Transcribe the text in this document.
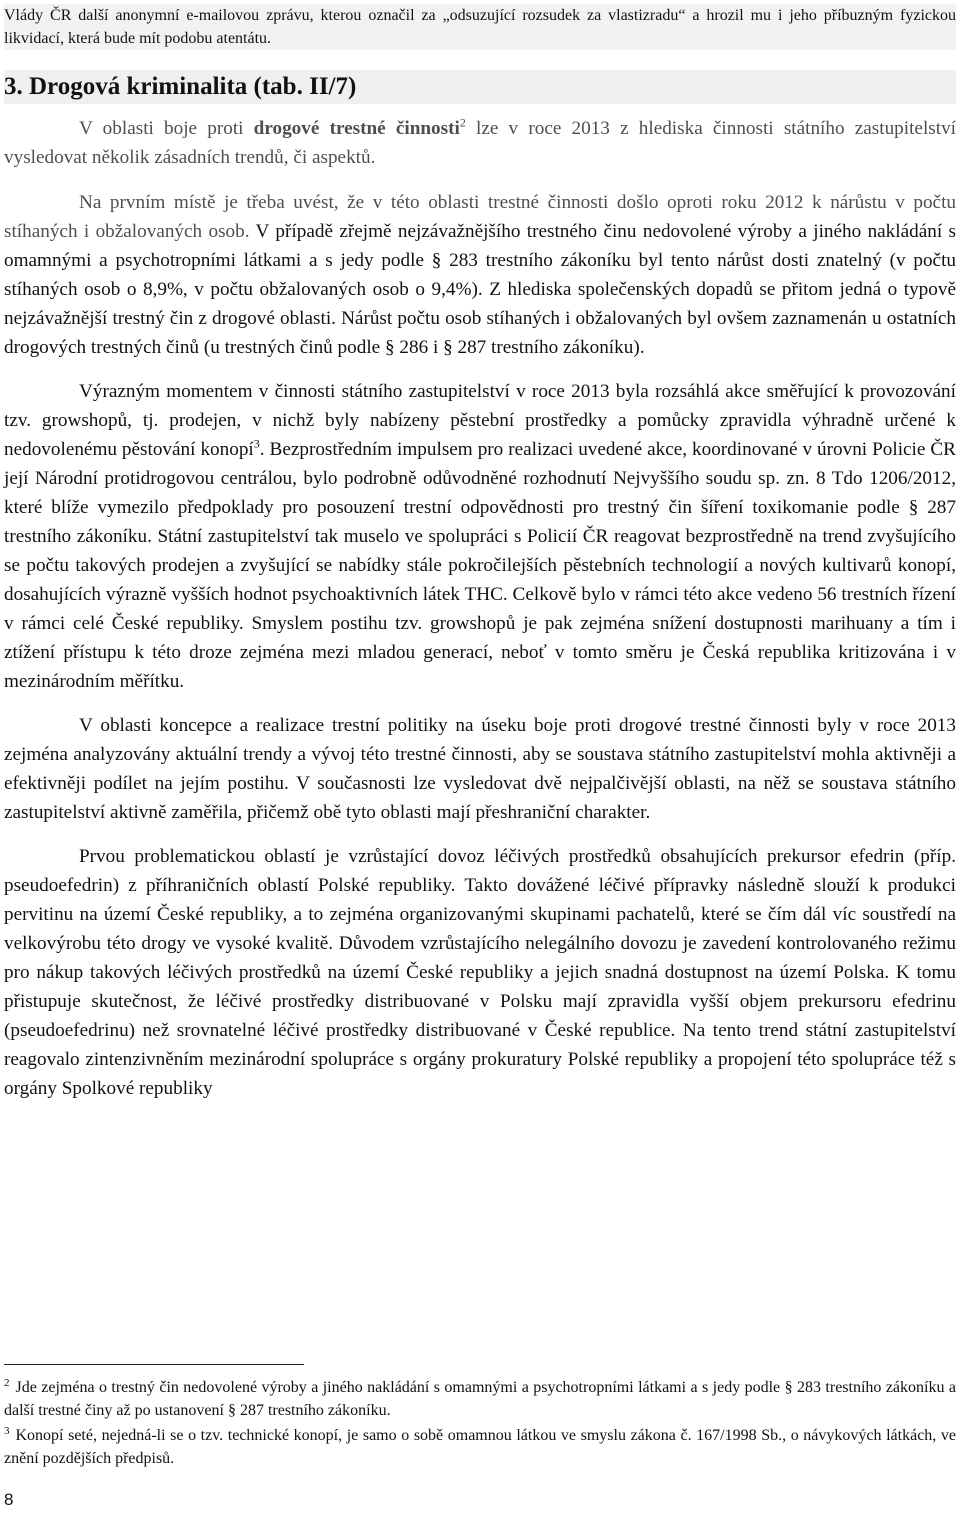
Vlády ČR další anonymní e-mailovou zprávu, kterou označil za „odsuzující rozsudek za vlastizradu“ a hrozil mu i jeho příbuzným fyzickou likvidací, která bude mít podobu atentátu.
3. Drogová kriminalita (tab. II/7)

V oblasti boje proti drogové trestné činnosti$^2$ lze v roce 2013 z hlediska činnosti státního zastupitelství vysledovat několik zásadních trendů, či aspektů.

Na prvním místě je třeba uvést, že v této oblasti trestné činnosti došlo oproti roku 2012 k nárůstu v počtu stíhaných i obžalovaných osob. V případě zřejmě nejzávažnějšího trestného činu nedovolené výroby a jiného nakládání s omamnými a psychotropními látkami a s jedy podle § 283 trestního zákoníku byl tento nárůst dosti znatelný (v počtu stíhaných osob o 8,9%, v počtu obžalovaných osob o 9,4%). Z hlediska společenských dopadů se přitom jedná o typově nejzávažnější trestný čin z drogové oblasti. Nárůst počtu osob stíhaných i obžalovaných byl ovšem zaznamenán u ostatních drogových trestných činů (u trestných činů podle § 286 i § 287 trestního zákoníku).

Výrazným momentem v činnosti státního zastupitelství v roce 2013 byla rozsáhlá akce směřující k provozování tzv. growshopů, tj. prodejen, v nichž byly nabízeny pěstební prostředky a pomůcky zpravidla výhradně určené k nedovolenému pěstování konopí$^3$. Bezprostředním impulsem pro realizaci uvedené akce, koordinované v úrovni Policie ČR její Národní protidrogovou centrálou, bylo podrobně odůvodněné rozhodnutí Nejvyššího soudu sp. zn. 8 Tdo 1206/2012, které blíže vymezilo předpoklady pro posouzení trestní odpovědnosti pro trestný čin šíření toxikomanie podle § 287 trestního zákoníku. Státní zastupitelství tak muselo ve spolupráci s Policií ČR reagovat bezprostředně na trend zvyšujícího se počtu takových prodejen a zvyšující se nabídky stále pokročilejších pěstebních technologií a nových kultivarů konopí, dosahujících výrazně vyšších hodnot psychoaktivních látek THC. Celkově bylo v rámci této akce vedeno 56 trestních řízení v rámci celé České republiky. Smyslem postihu tzv. growshopů je pak zejména snížení dostupnosti marihuany a tím i ztížení přístupu k této droze zejména mezi mladou generací, neboť v tomto směru je Česká republika kritizována i v mezinárodním měřítku.

V oblasti koncepce a realizace trestní politiky na úseku boje proti drogové trestné činnosti byly v roce 2013 zejména analyzovány aktuální trendy a vývoj této trestné činnosti, aby se soustava státního zastupitelství mohla aktivněji a efektivněji podílet na jejím postihu. V současnosti lze vysledovat dvě nejpalčivější oblasti, na něž se soustava státního zastupitelství aktivně zaměřila, přičemž obě tyto oblasti mají přeshraniční charakter.

Prvou problematickou oblastí je vzrůstající dovoz léčivých prostředků obsahujících prekursor efedrin (příp. pseudoefedrin) z příhraničních oblastí Polské republiky. Takto dovážené léčivé přípravky následně slouží k produkci pervitinu na území České republiky, a to zejména organizovanými skupinami pachatelů, které se čím dál víc soustředí na velkovýrobu této drogy ve vysoké kvalitě. Důvodem vzrůstajícího nelegálního dovozu je zavedení kontrolovaného režimu pro nákup takových léčivých prostředků na území České republiky a jejich snadná dostupnost na území Polska. K tomu přistupuje skutečnost, že léčivé prostředky distribuované v Polsku mají zpravidla vyšší objem prekursoru efedrinu (pseudoefedrinu) než srovnatelné léčivé prostředky distribuované v České republice. Na tento trend státní zastupitelství reagovalo zintenzivněním mezinárodní spolupráce s orgány prokuratury Polské republiky a propojení této spolupráce též s orgány Spolkové republiky

$^2$ Jde zejména o trestný čin nedovolené výroby a jiného nakládání s omamnými a psychotropními látkami a s jedy podle § 283 trestního zákoníku a další trestné činy až po ustanovení § 287 trestního zákoníku.

$^3$ Konopí seté, nejedná-li se o tzv. technické konopí, je samo o sobě omamnou látkou ve smyslu zákona č. 167/1998 Sb., o návykových látkách, ve znění pozdějších předpisů.

8
